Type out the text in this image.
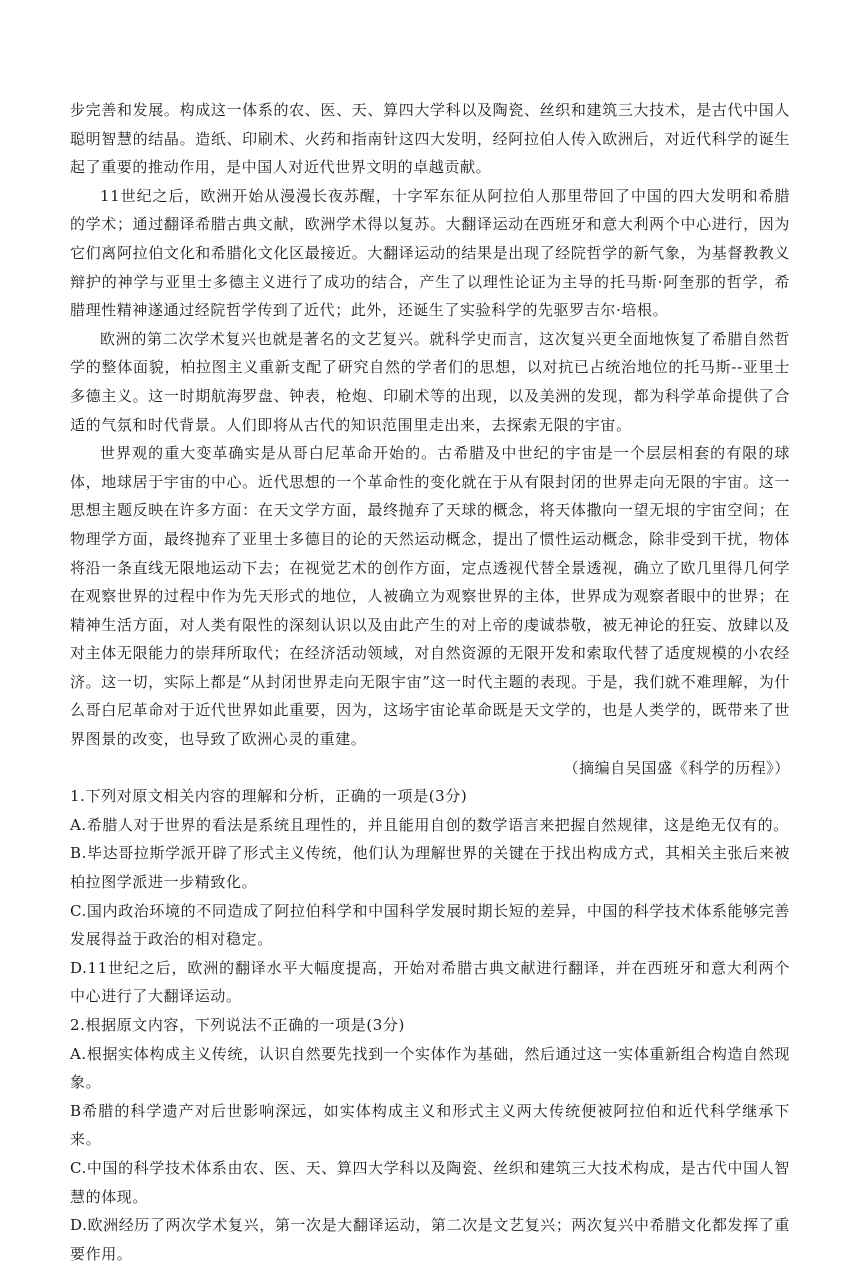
步完善和发展。构成这一体系的农、医、天、算四大学科以及陶瓷、丝织和建筑三大技术，是古代中国人聪明智慧的结晶。造纸、印刷术、火药和指南针这四大发明，经阿拉伯人传入欧洲后，对近代科学的诞生起了重要的推动作用，是中国人对近代世界文明的卓越贡献。

11世纪之后，欧洲开始从漫漫长夜苏醒，十字军东征从阿拉伯人那里带回了中国的四大发明和希腊的学术；通过翻译希腊古典文献，欧洲学术得以复苏。大翻译运动在西班牙和意大利两个中心进行，因为它们离阿拉伯文化和希腊化文化区最接近。大翻译运动的结果是出现了经院哲学的新气象，为基督教教义辩护的神学与亚里士多德主义进行了成功的结合，产生了以理性论证为主导的托马斯·阿奎那的哲学，希腊理性精神遂通过经院哲学传到了近代；此外，还诞生了实验科学的先驱罗吉尔·培根。

欧洲的第二次学术复兴也就是著名的文艺复兴。就科学史而言，这次复兴更全面地恢复了希腊自然哲学的整体面貌，柏拉图主义重新支配了研究自然的学者们的思想，以对抗已占统治地位的托马斯--亚里士多德主义。这一时期航海罗盘、钟表，枪炮、印刷术等的出现，以及美洲的发现，都为科学革命提供了合适的气氛和时代背景。人们即将从古代的知识范围里走出来，去探索无限的宇宙。

世界观的重大变革确实是从哥白尼革命开始的。古希腊及中世纪的宇宙是一个层层相套的有限的球体，地球居于宇宙的中心。近代思想的一个革命性的变化就在于从有限封闭的世界走向无限的宇宙。这一思想主题反映在许多方面：在天文学方面，最终抛弃了天球的概念，将天体撒向一望无垠的宇宙空间；在物理学方面，最终抛弃了亚里士多德目的论的天然运动概念，提出了惯性运动概念，除非受到干扰，物体将沿一条直线无限地运动下去；在视觉艺术的创作方面，定点透视代替全景透视，确立了欧几里得几何学在观察世界的过程中作为先天形式的地位，人被确立为观察世界的主体，世界成为观察者眼中的世界；在精神生活方面，对人类有限性的深刻认识以及由此产生的对上帝的虔诚恭敬，被无神论的狂妄、放肆以及对主体无限能力的崇拜所取代；在经济活动领域，对自然资源的无限开发和索取代替了适度规模的小农经济。这一切，实际上都是“从封闭世界走向无限宇宙”这一时代主题的表现。于是，我们就不难理解，为什么哥白尼革命对于近代世界如此重要，因为，这场宇宙论革命既是天文学的，也是人类学的，既带来了世界图景的改变，也导致了欧洲心灵的重建。

（摘编自吴国盛《科学的历程》）

1.下列对原文相关内容的理解和分析，正确的一项是(3分)

A.希腊人对于世界的看法是系统且理性的，并且能用自创的数学语言来把握自然规律，这是绝无仅有的。

B.毕达哥拉斯学派开辟了形式主义传统，他们认为理解世界的关键在于找出构成方式，其相关主张后来被柏拉图学派进一步精致化。

C.国内政治环境的不同造成了阿拉伯科学和中国科学发展时期长短的差异，中国的科学技术体系能够完善发展得益于政治的相对稳定。

D.11世纪之后，欧洲的翻译水平大幅度提高，开始对希腊古典文献进行翻译，并在西班牙和意大利两个中心进行了大翻译运动。

2.根据原文内容，下列说法不正确的一项是(3分)

A.根据实体构成主义传统，认识自然要先找到一个实体作为基础，然后通过这一实体重新组合构造自然现象。

B希腊的科学遗产对后世影响深远，如实体构成主义和形式主义两大传统便被阿拉伯和近代科学继承下来。

C.中国的科学技术体系由农、医、天、算四大学科以及陶瓷、丝织和建筑三大技术构成，是古代中国人智慧的体现。

D.欧洲经历了两次学术复兴，第一次是大翻译运动，第二次是文艺复兴；两次复兴中希腊文化都发挥了重要作用。
